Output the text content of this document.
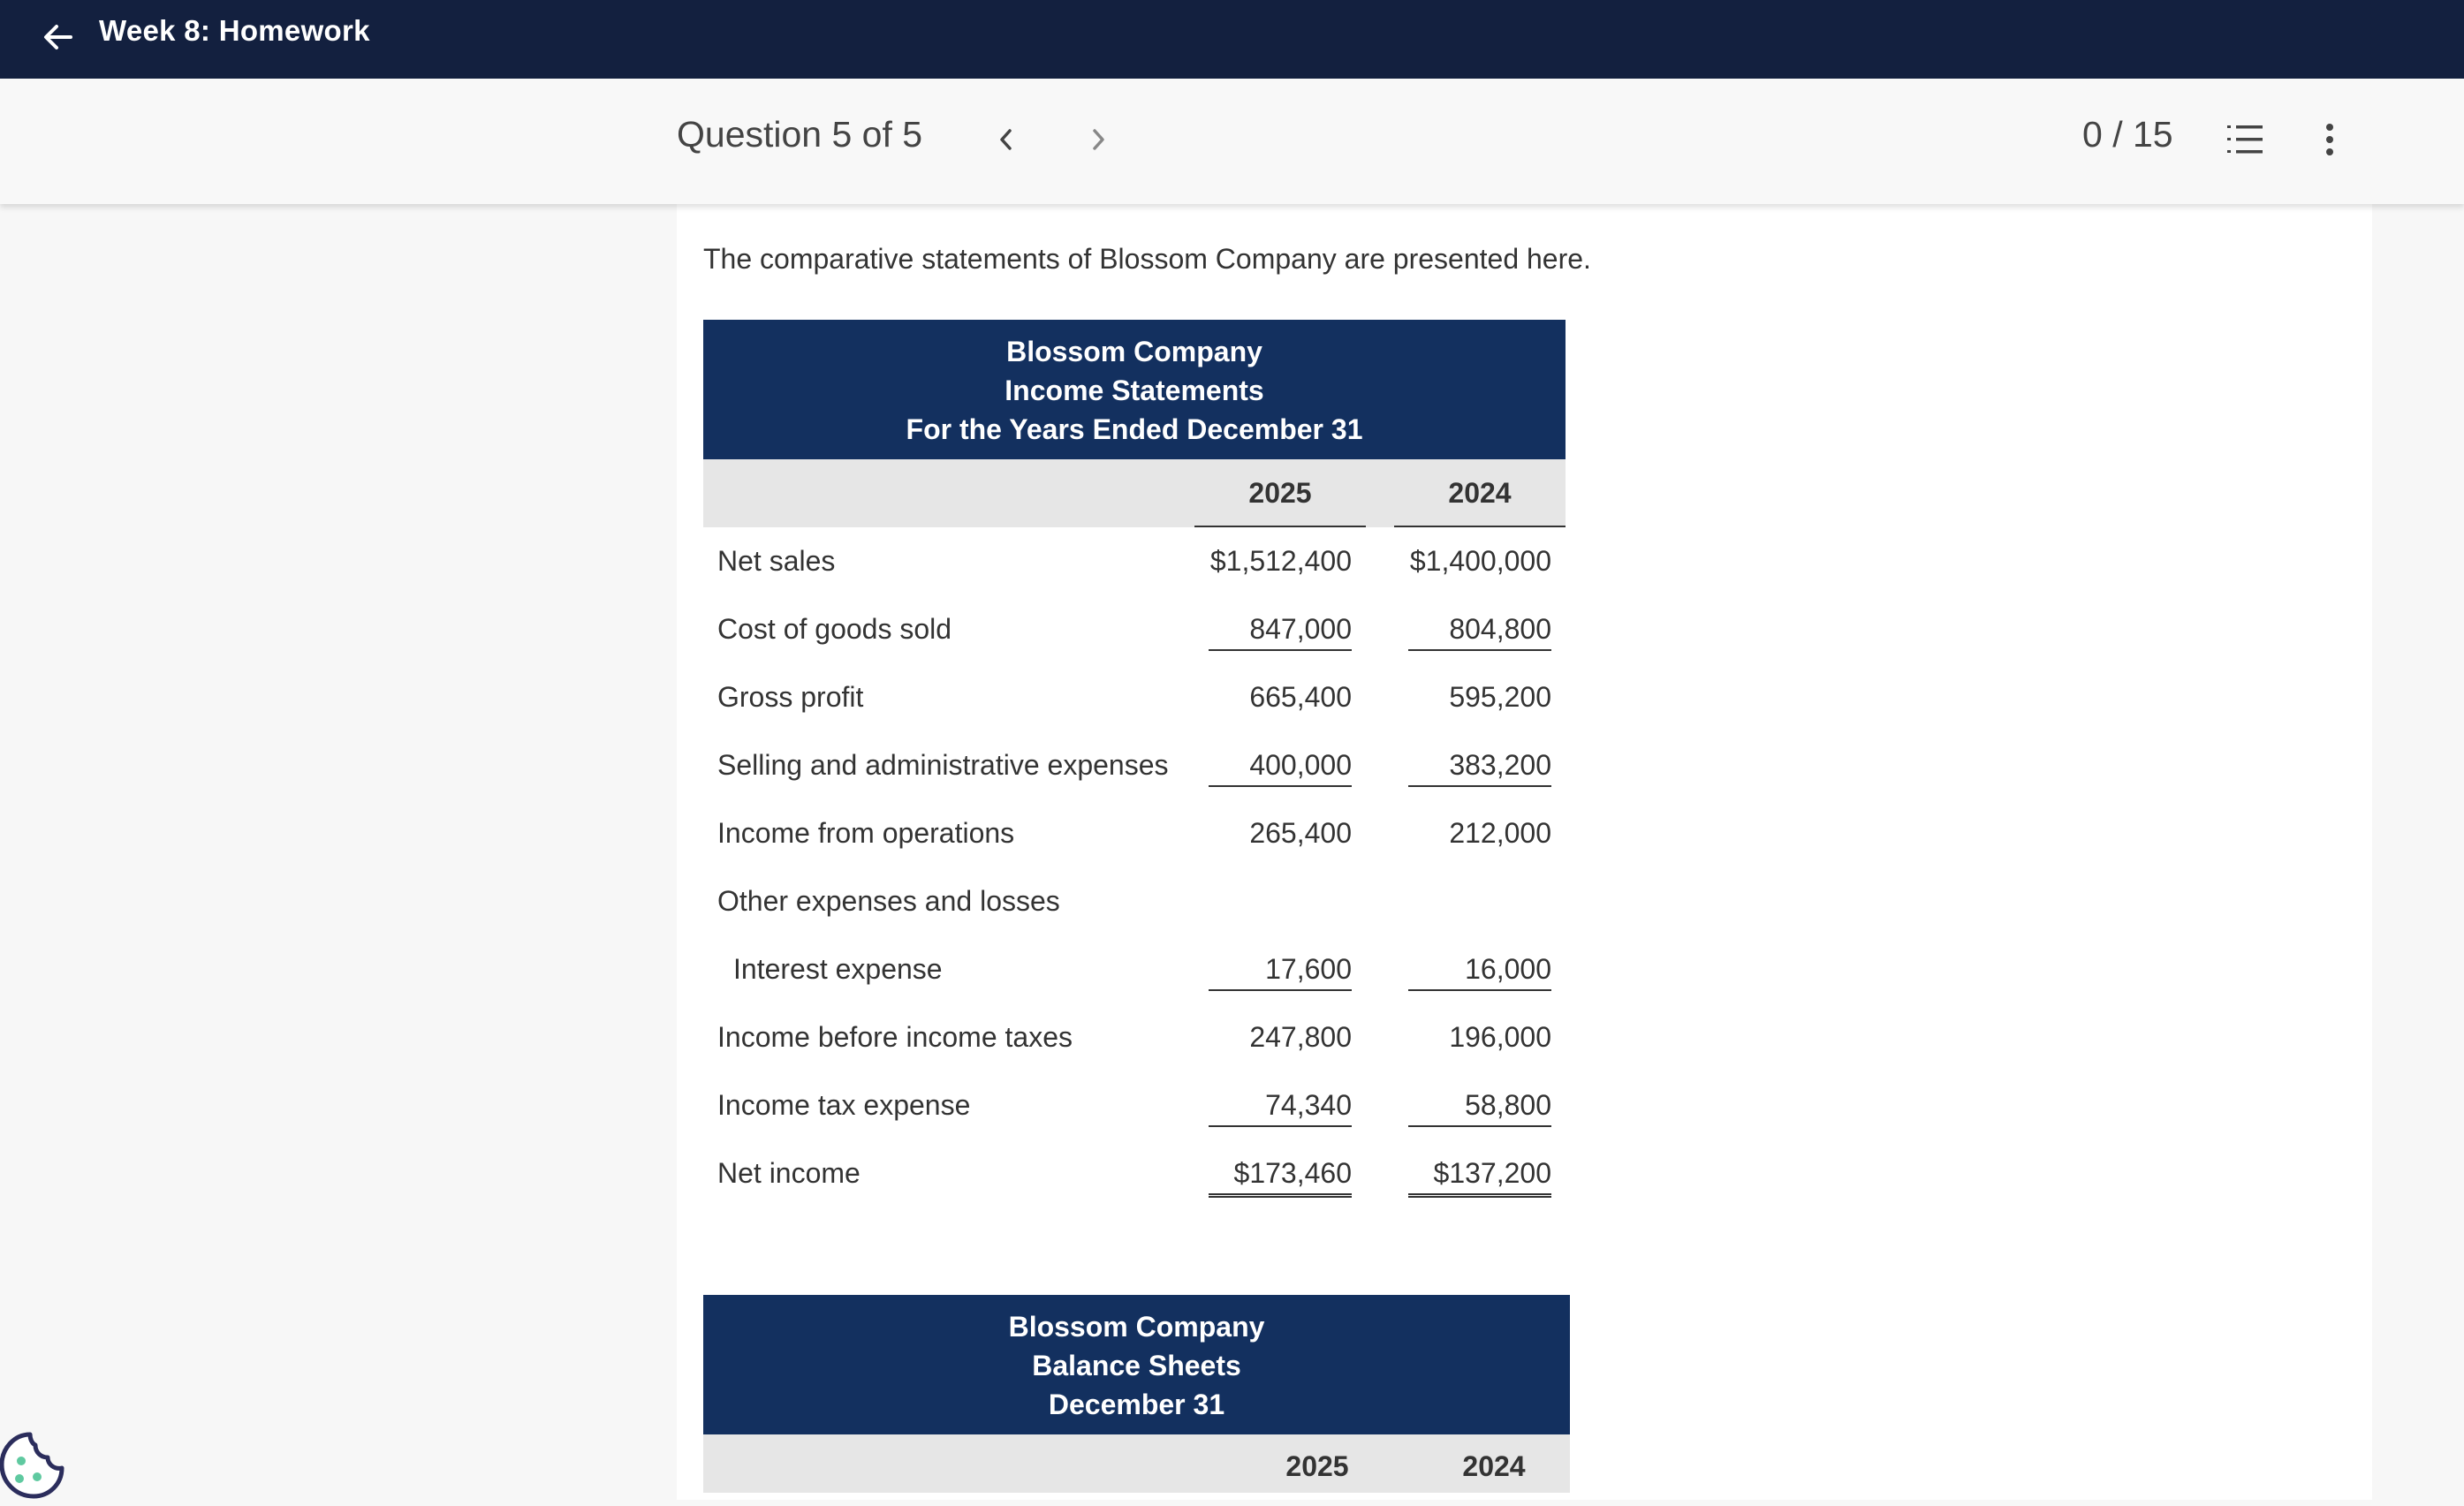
Week 8: Homework
Question 5 of 5	0 / 15
The comparative statements of Blossom Company are presented here.
Blossom Company
Income Statements
For the Years Ended December 31
2025	2024
Net sales	$1,512,400 $1,400,000
Cost of goods sold	847,000	804,800
Gross profit	665,400	595,200
Selling and administrative expenses	400,000	383,200
Income from operations	265,400	212,000
Other expenses and losses
Interest expense	17,600	16,000
Income before income taxes	247,800	196,000
Income tax expense	74,340	58,800
Net income	$173,460	$137,200
Blossom Company
Balance Sheets
December 31
2025	2024
